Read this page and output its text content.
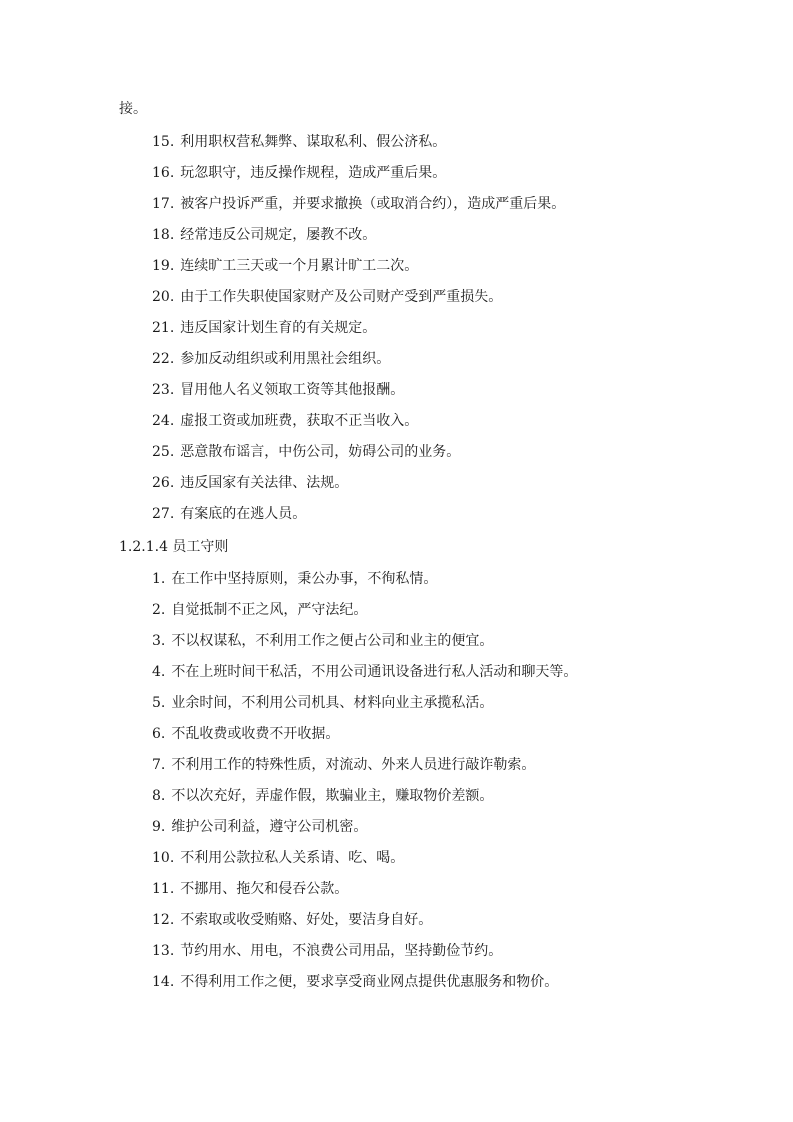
接。
15. 利用职权营私舞弊、谋取私利、假公济私。
16. 玩忽职守，违反操作规程，造成严重后果。
17. 被客户投诉严重，并要求撤换（或取消合约），造成严重后果。
18. 经常违反公司规定，屡教不改。
19. 连续旷工三天或一个月累计旷工二次。
20. 由于工作失职使国家财产及公司财产受到严重损失。
21. 违反国家计划生育的有关规定。
22. 参加反动组织或利用黑社会组织。
23. 冒用他人名义领取工资等其他报酬。
24. 虚报工资或加班费，获取不正当收入。
25. 恶意散布谣言，中伤公司，妨碍公司的业务。
26. 违反国家有关法律、法规。
27. 有案底的在逃人员。
1.2.1.4 员工守则
1. 在工作中坚持原则，秉公办事，不徇私情。
2. 自觉抵制不正之风，严守法纪。
3. 不以权谋私，不利用工作之便占公司和业主的便宜。
4. 不在上班时间干私活，不用公司通讯设备进行私人活动和聊天等。
5. 业余时间，不利用公司机具、材料向业主承揽私活。
6. 不乱收费或收费不开收据。
7. 不利用工作的特殊性质，对流动、外来人员进行敲诈勒索。
8. 不以次充好，弄虚作假，欺骗业主，赚取物价差额。
9. 维护公司利益，遵守公司机密。
10. 不利用公款拉私人关系请、吃、喝。
11. 不挪用、拖欠和侵吞公款。
12. 不索取或收受贿赂、好处，要洁身自好。
13. 节约用水、用电，不浪费公司用品，坚持勤俭节约。
14. 不得利用工作之便，要求享受商业网点提供优惠服务和物价。
